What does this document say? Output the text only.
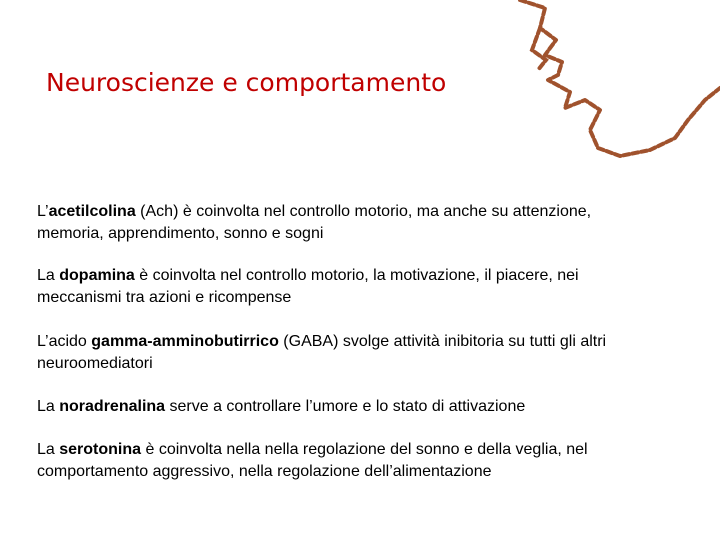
Neuroscienze e comportamento
L’acetilcolina (Ach) è coinvolta nel controllo motorio, ma anche su attenzione, memoria, apprendimento, sonno e sogni
La dopamina è coinvolta nel controllo motorio, la motivazione, il piacere, nei meccanismi tra azioni e ricompense
L’acido gamma-amminobutirrico (GABA) svolge attività inibitoria su tutti gli altri neuroomediatori
La noradrenalina serve a controllare l’umore e lo stato di attivazione
La serotonina è coinvolta nella nella regolazione del sonno e della veglia, nel comportamento aggressivo, nella regolazione dell’alimentazione
